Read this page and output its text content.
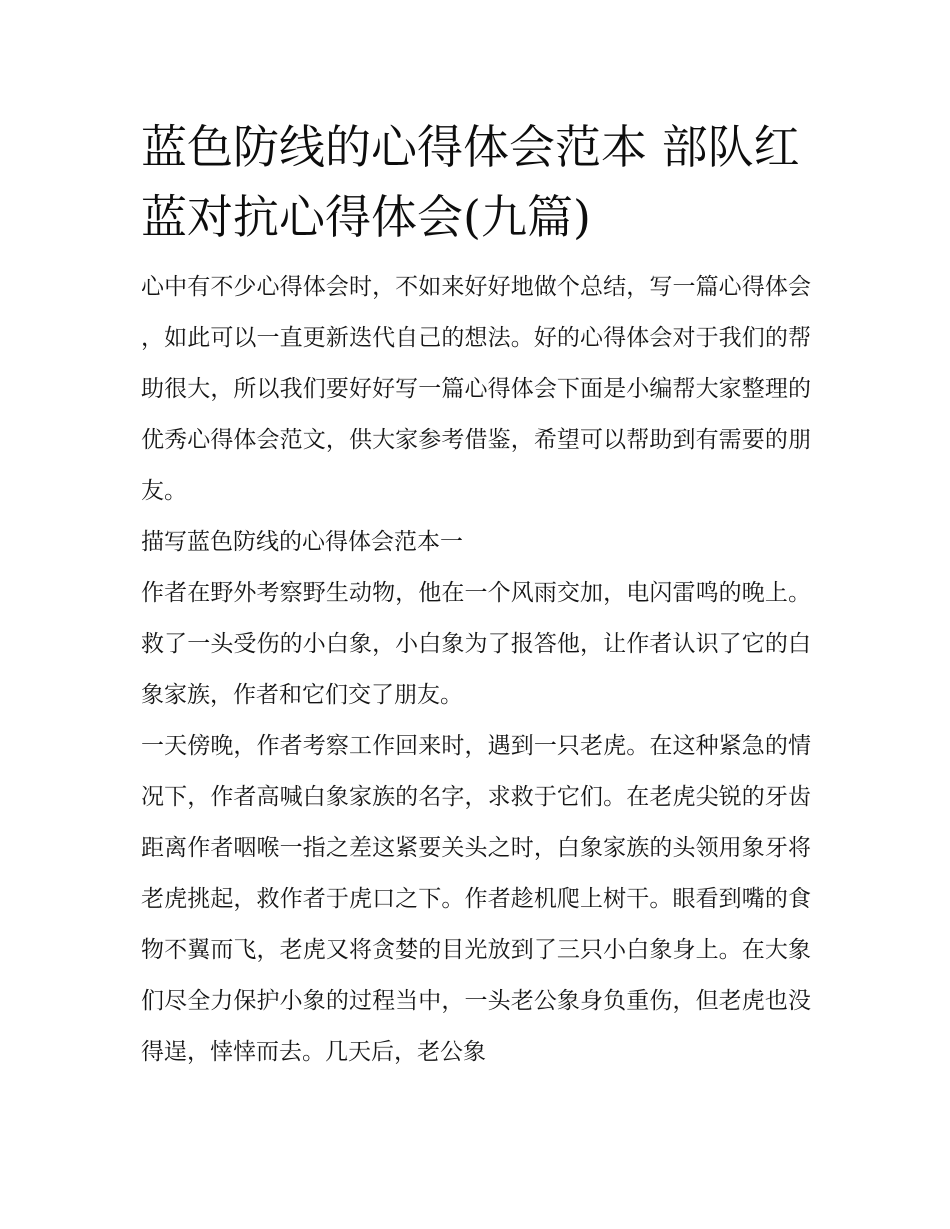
蓝色防线的心得体会范本 部队红蓝对抗心得体会(九篇)

心中有不少心得体会时，不如来好好地做个总结，写一篇心得体会，如此可以一直更新迭代自己的想法。好的心得体会对于我们的帮助很大，所以我们要好好写一篇心得体会下面是小编帮大家整理的优秀心得体会范文，供大家参考借鉴，希望可以帮助到有需要的朋友。

描写蓝色防线的心得体会范本一

作者在野外考察野生动物，他在一个风雨交加，电闪雷鸣的晚上。救了一头受伤的小白象，小白象为了报答他，让作者认识了它的白象家族，作者和它们交了朋友。

一天傍晚，作者考察工作回来时，遇到一只老虎。在这种紧急的情况下，作者高喊白象家族的名字，求救于它们。在老虎尖锐的牙齿距离作者咽喉一指之差这紧要关头之时，白象家族的头领用象牙将老虎挑起，救作者于虎口之下。作者趁机爬上树干。眼看到嘴的食物不翼而飞，老虎又将贪婪的目光放到了三只小白象身上。在大象们尽全力保护小象的过程当中，一头老公象身负重伤，但老虎也没得逞，悻悻而去。几天后，老公象
